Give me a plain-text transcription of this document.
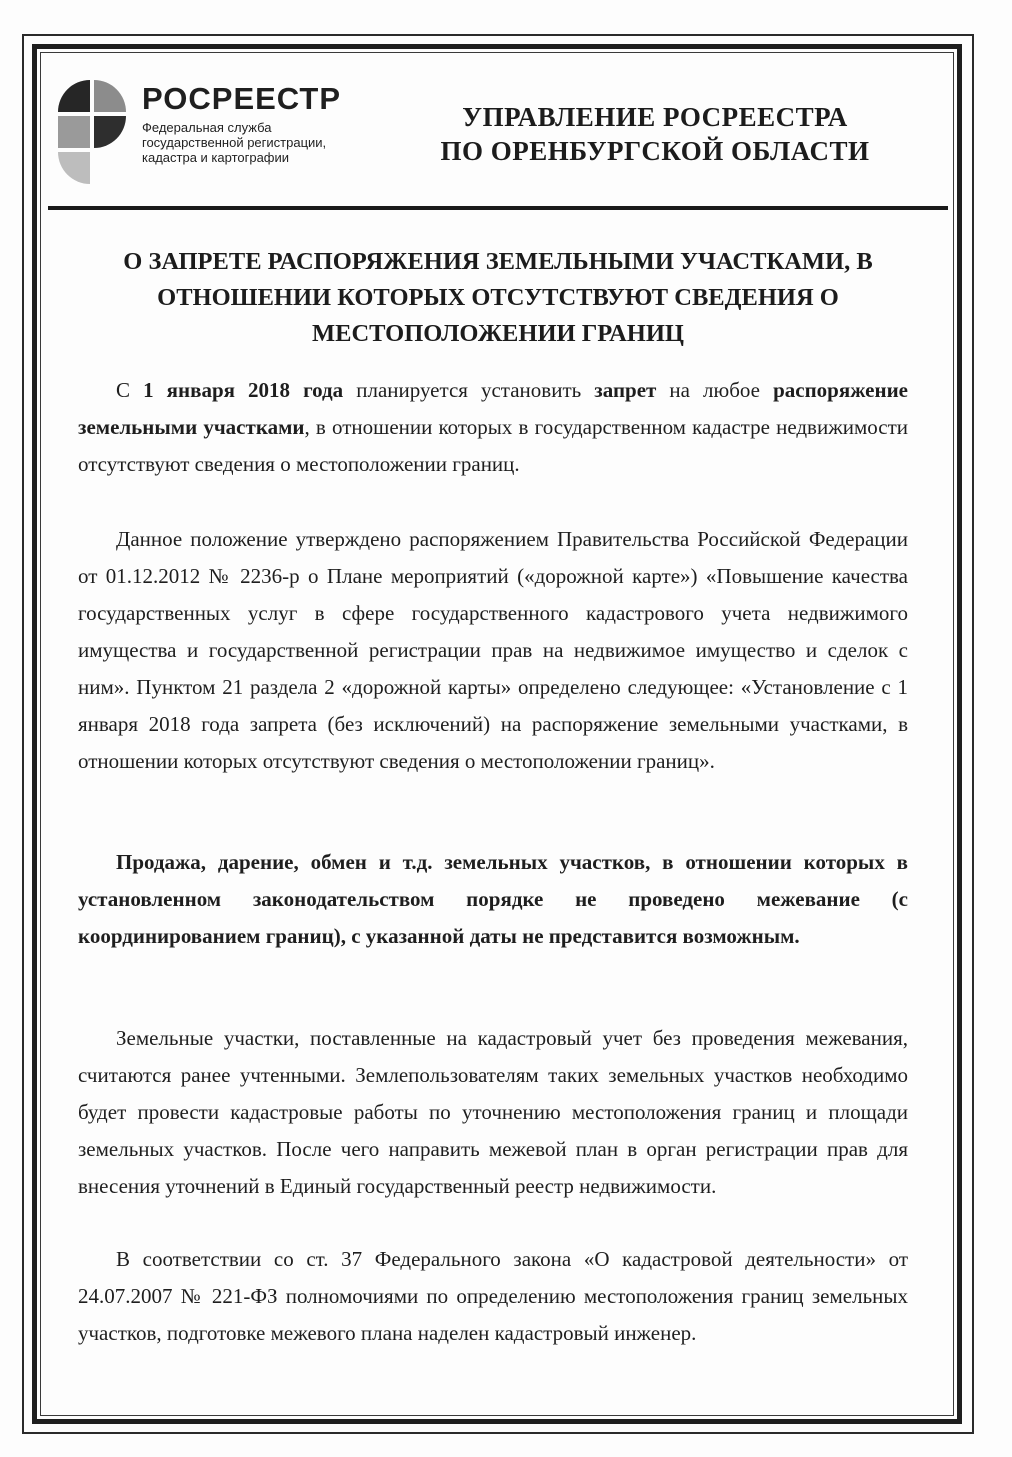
РОСРЕЕСТР
Федеральная служба
государственной регистрации,
кадастра и картографии
УПРАВЛЕНИЕ РОСРЕЕСТРА
ПО ОРЕНБУРГСКОЙ ОБЛАСТИ
О ЗАПРЕТЕ РАСПОРЯЖЕНИЯ ЗЕМЕЛЬНЫМИ УЧАСТКАМИ, В
ОТНОШЕНИИ КОТОРЫХ ОТСУТСТВУЮТ СВЕДЕНИЯ О
МЕСТОПОЛОЖЕНИИ ГРАНИЦ

С 1 января 2018 года планируется установить запрет на любое распоряжение земельными участками, в отношении которых в государственном кадастре недвижимости отсутствуют сведения о местоположении границ.

Данное положение утверждено распоряжением Правительства Российской Федерации от 01.12.2012 № 2236-р о Плане мероприятий («дорожной карте») «Повышение качества государственных услуг в сфере государственного кадастрового учета недвижимого имущества и государственной регистрации прав на недвижимое имущество и сделок с ним». Пунктом 21 раздела 2 «дорожной карты» определено следующее: «Установление с 1 января 2018 года запрета (без исключений) на распоряжение земельными участками, в отношении которых отсутствуют сведения о местоположении границ».

Продажа, дарение, обмен и т.д. земельных участков, в отношении которых в установленном законодательством порядке не проведено межевание (с координированием границ), с указанной даты не представится возможным.

Земельные участки, поставленные на кадастровый учет без проведения межевания, считаются ранее учтенными. Землепользователям таких земельных участков необходимо будет провести кадастровые работы по уточнению местоположения границ и площади земельных участков. После чего направить межевой план в орган регистрации прав для внесения уточнений в Единый государственный реестр недвижимости.

В соответствии со ст. 37 Федерального закона «О кадастровой деятельности» от 24.07.2007 № 221-ФЗ полномочиями по определению местоположения границ земельных участков, подготовке межевого плана наделен кадастровый инженер.
